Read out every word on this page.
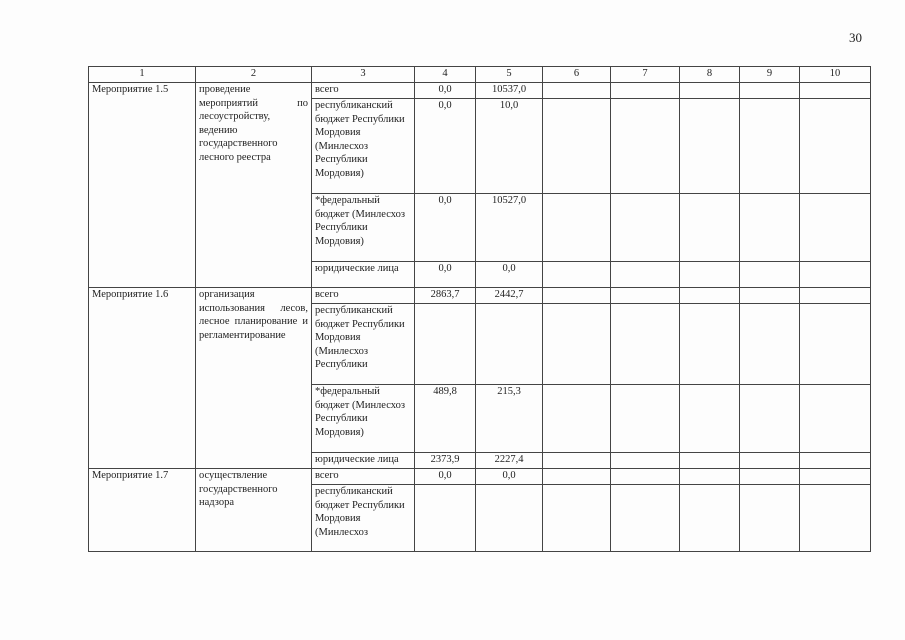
30
1	2	3	4	5	6	7	8	9	10
Мероприятие 1.5	проведение мероприятий по лесоустройству, ведению государственного лесного реестра	всего	0,0	10537,0					
		республиканский бюджет Республики Мордовия (Минлесхоз Республики Мордовия)	0,0	10,0					
		*федеральный бюджет (Минлесхоз Республики Мордовия)	0,0	10527,0					
		юридические лица	0,0	0,0					
Мероприятие 1.6	организация использования лесов, лесное планирование и регламентирование	всего	2863,7	2442,7					
		республиканский бюджет Республики Мордовия (Минлесхоз Республики							
		*федеральный бюджет (Минлесхоз Республики Мордовия)	489,8	215,3					
		юридические лица	2373,9	2227,4					
Мероприятие 1.7	осуществление государственного надзора	всего	0,0	0,0					
		республиканский бюджет Республики Мордовия (Минлесхоз							
